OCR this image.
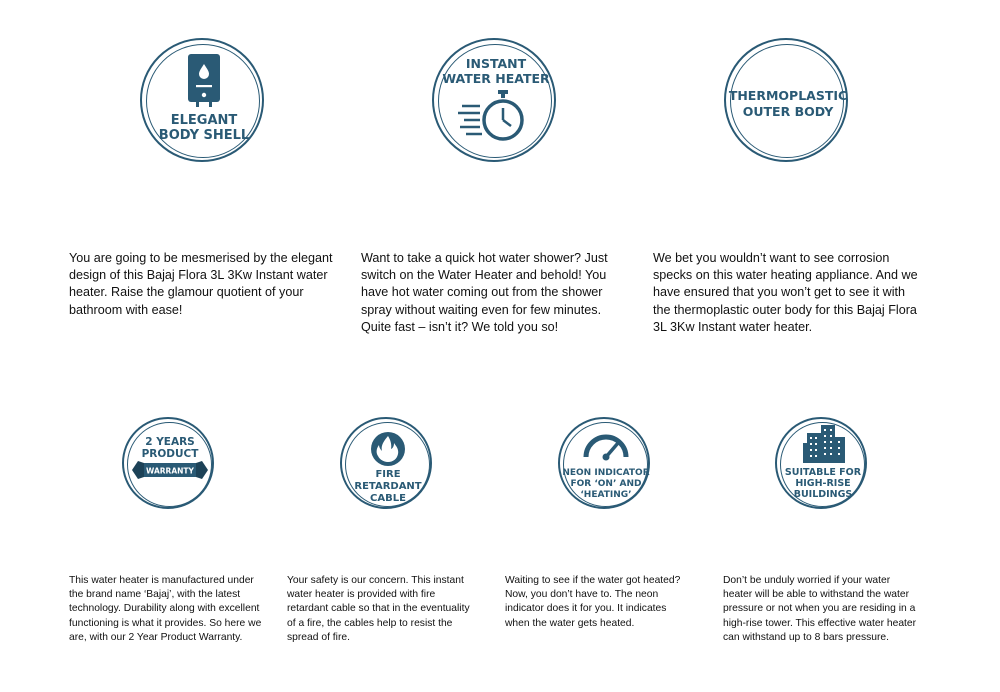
ELEGANT
BODY SHELL
INSTANT
WATER HEATER
THERMOPLASTIC
OUTER BODY
You are going to be mesmerised by the elegant design of this Bajaj Flora 3L 3Kw Instant water heater. Raise the glamour quotient of your bathroom with ease!
Want to take a quick hot water shower? Just switch on the Water Heater and behold! You have hot water coming out from the shower spray without waiting even for few minutes. Quite fast – isn’t it? We told you so!
We bet you wouldn’t want to see corrosion specks on this water heating appliance. And we have ensured that you won’t get to see it with the thermoplastic outer body for this Bajaj Flora 3L 3Kw Instant water heater.
2 YEARS
PRODUCT
WARRANTY	FIRE
RETARDANT
CABLE
NEON INDICATOR
FOR ‘ON’ AND
‘HEATING’
SUITABLE FOR
HIGH-RISE
BUILDINGS
This water heater is manufactured under the brand name ‘Bajaj’, with the latest technology. Durability along with excellent functioning is what it provides. So here we are, with our 2 Year Product Warranty.
Your safety is our concern. This instant water heater is provided with fire retardant cable so that in the eventuality of a fire, the cables help to resist the spread of fire.
Waiting to see if the water got heated? Now, you don’t have to. The neon indicator does it for you. It indicates when the water gets heated.
Don’t be unduly worried if your water heater will be able to withstand the water pressure or not when you are residing in a high-rise tower. This effective water heater can withstand up to 8 bars pressure.
